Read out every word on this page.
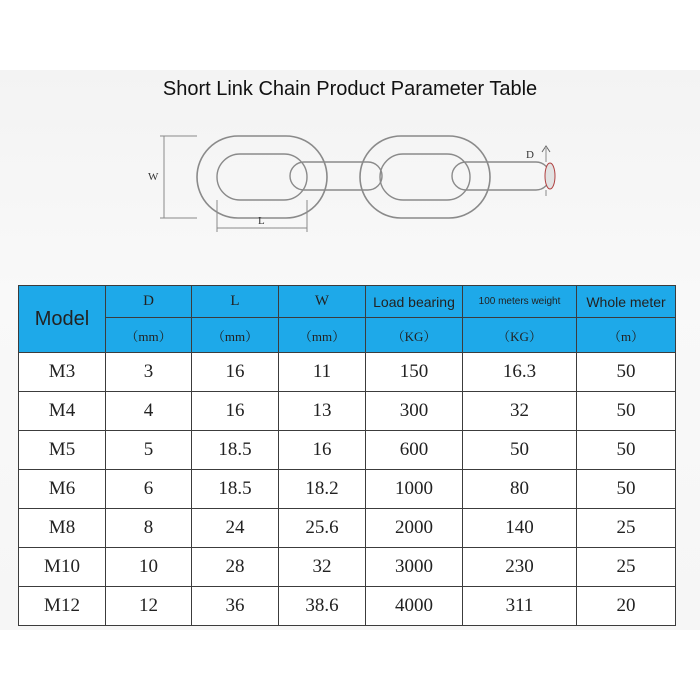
Short Link Chain Product Parameter Table
W
L
D
Model	D	L	W	Load bearing	100 meters weight	Whole meter
	（mm）	（mm）	（mm）	（KG）	（KG）	（m）
M3	3	16	11	150	16.3	50
M4	4	16	13	300	32	50
M5	5	18.5	16	600	50	50
M6	6	18.5	18.2	1000	80	50
M8	8	24	25.6	2000	140	25
M10	10	28	32	3000	230	25
M12	12	36	38.6	4000	311	20
